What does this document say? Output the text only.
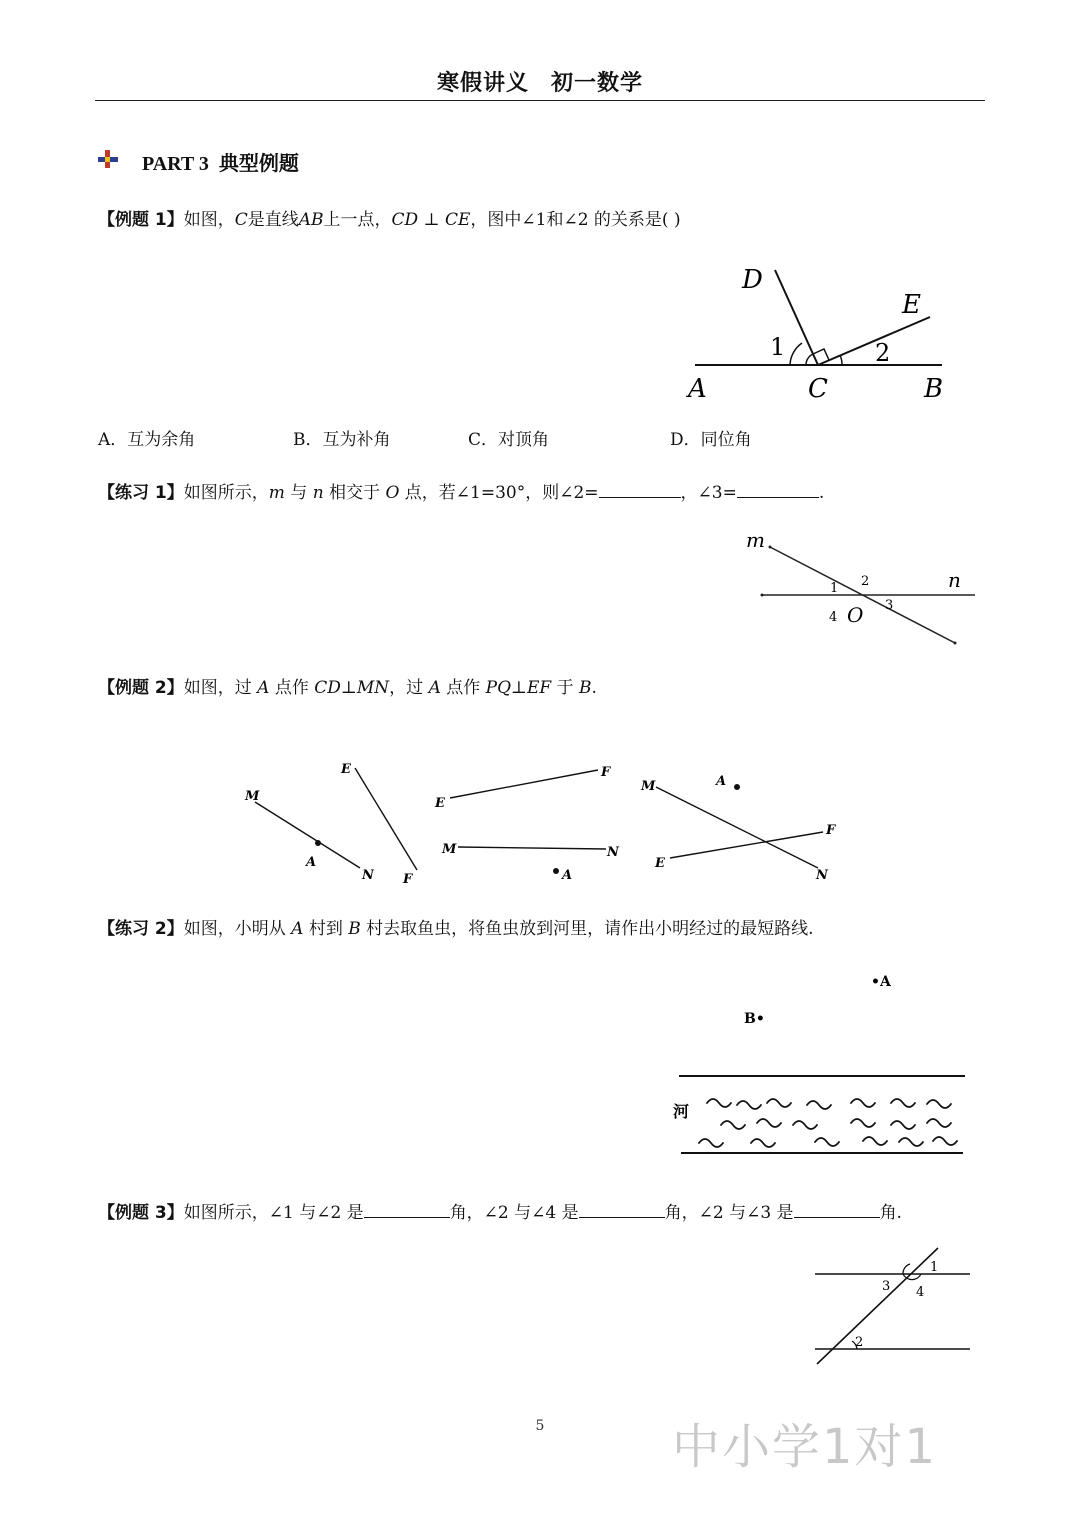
寒假讲义 初一数学
PART 3 典型例题
【例题 1】如图，C是直线AB上一点，CD ⊥ CE，图中∠1和∠2 的关系是( )
D
E
A	C	B
1	2
A．互为余角	B．互为补角	C．对顶角	D．同位角
【练习 1】如图所示，m 与 n 相交于 O 点，若∠1=30°，则∠2=	，∠3=	.
m
n
O
1 2
3
4
【例题 2】如图，过 A 点作 CD⊥MN，过 A 点作 PQ⊥EF 于 B.
M
A
N
E
F
E
F
M	N
A
M
N
E
F
A
【练习 2】如图，小明从 A 村到 B 村去取鱼虫，将鱼虫放到河里，请作出小明经过的最短路线.
•A
B•
河
【例题 3】如图所示，∠1 与∠2 是	角，∠2 与∠4 是	角，∠2 与∠3 是	角.
1
2
3 4
5	中小学1对1
